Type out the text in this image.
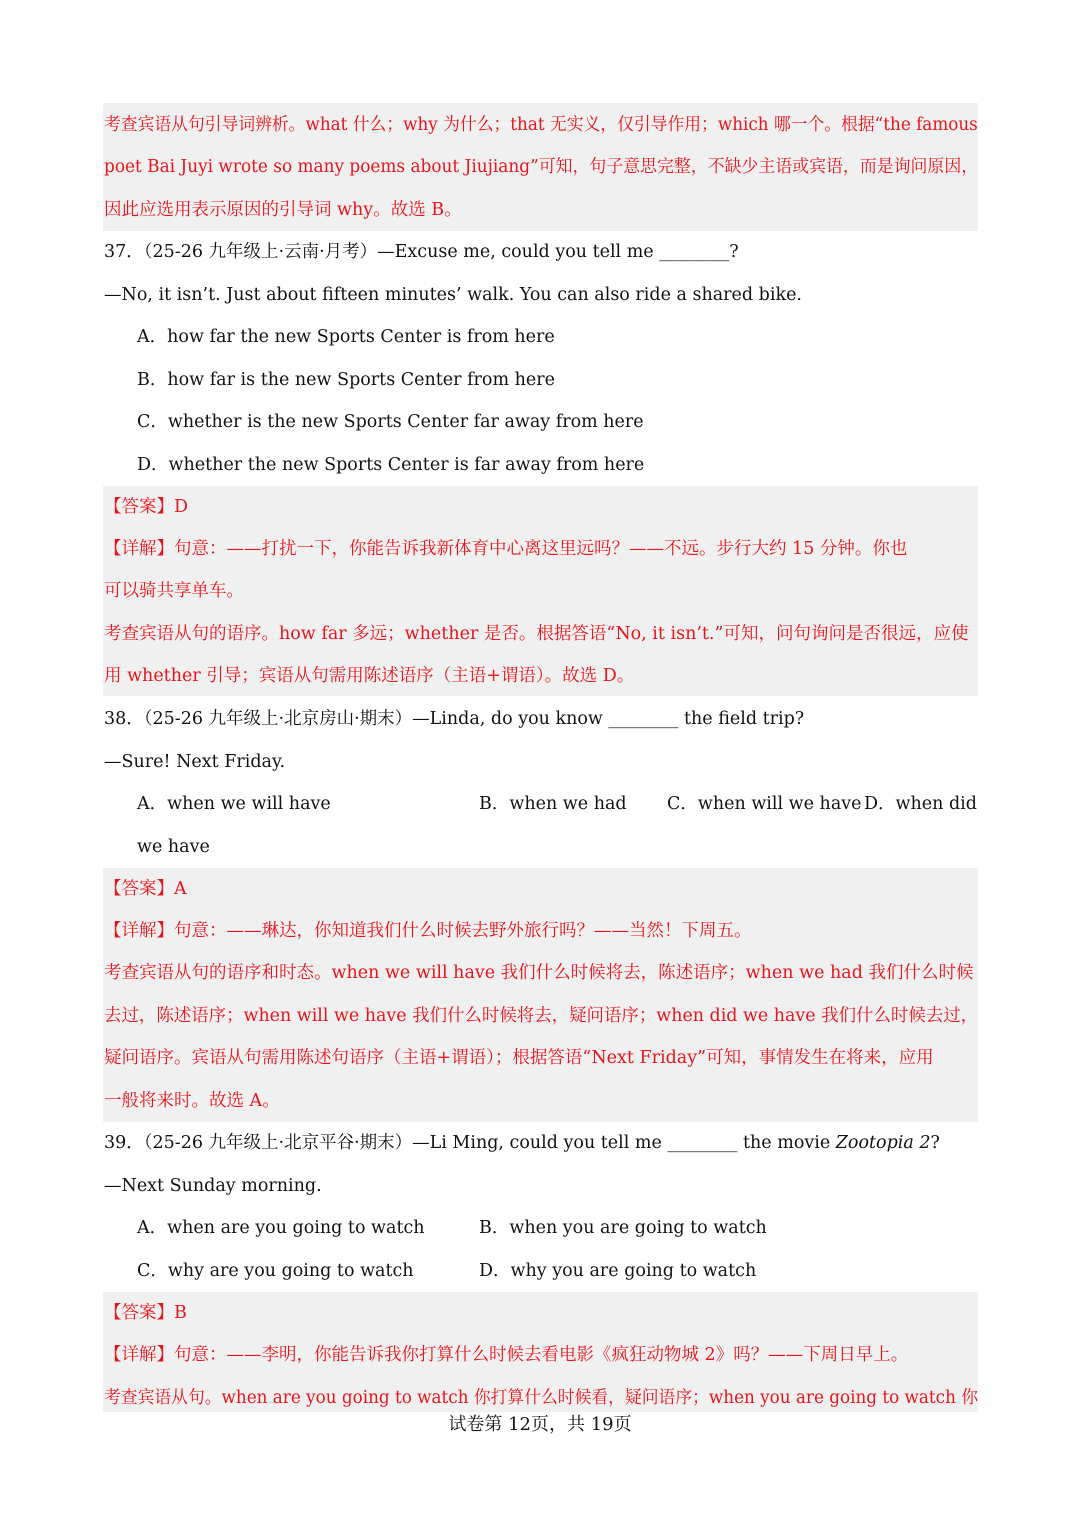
考查宾语从句引导词辨析。what 什么；why 为什么；that 无实义，仅引导作用；which 哪一个。根据“the famous
poet Bai Juyi wrote so many poems about Jiujiang”可知，句子意思完整，不缺少主语或宾语，而是询问原因，
因此应选用表示原因的引导词 why。故选 B。
37．（25-26 九年级上·云南·月考）—Excuse me, could you tell me ________?
—No, it isn’t. Just about fifteen minutes’ walk. You can also ride a shared bike.
A．how far the new Sports Center is from here
B．how far is the new Sports Center from here
C．whether is the new Sports Center far away from here
D．whether the new Sports Center is far away from here
【答案】D
【详解】句意：——打扰一下，你能告诉我新体育中心离这里远吗？——不远。步行大约 15 分钟。你也
可以骑共享单车。
考查宾语从句的语序。how far 多远；whether 是否。根据答语“No, it isn’t.”可知，问句询问是否很远，应使
用 whether 引导；宾语从句需用陈述语序（主语+谓语）。故选 D。
38．（25-26 九年级上·北京房山·期末）—Linda, do you know ________ the field trip?
—Sure! Next Friday.
A．when we will have	B．when we had C．when will we have D．when did
we have
【答案】A
【详解】句意：——琳达，你知道我们什么时候去野外旅行吗？——当然！下周五。
考查宾语从句的语序和时态。when we will have 我们什么时候将去，陈述语序；when we had 我们什么时候
去过，陈述语序；when will we have 我们什么时候将去，疑问语序；when did we have 我们什么时候去过，
疑问语序。宾语从句需用陈述句语序（主语+谓语）；根据答语“Next Friday”可知，事情发生在将来，应用
一般将来时。故选 A。
39．（25-26 九年级上·北京平谷·期末）—Li Ming, could you tell me ________ the movie Zootopia 2?
—Next Sunday morning.
A．when are you going to watch	B．when you are going to watch
C．why are you going to watch	D．why you are going to watch
【答案】B
【详解】句意：——李明，你能告诉我你打算什么时候去看电影《疯狂动物城 2》吗？——下周日早上。
考查宾语从句。when are you going to watch 你打算什么时候看，疑问语序；when you are going to watch 你
试卷第 12页，共 19页
